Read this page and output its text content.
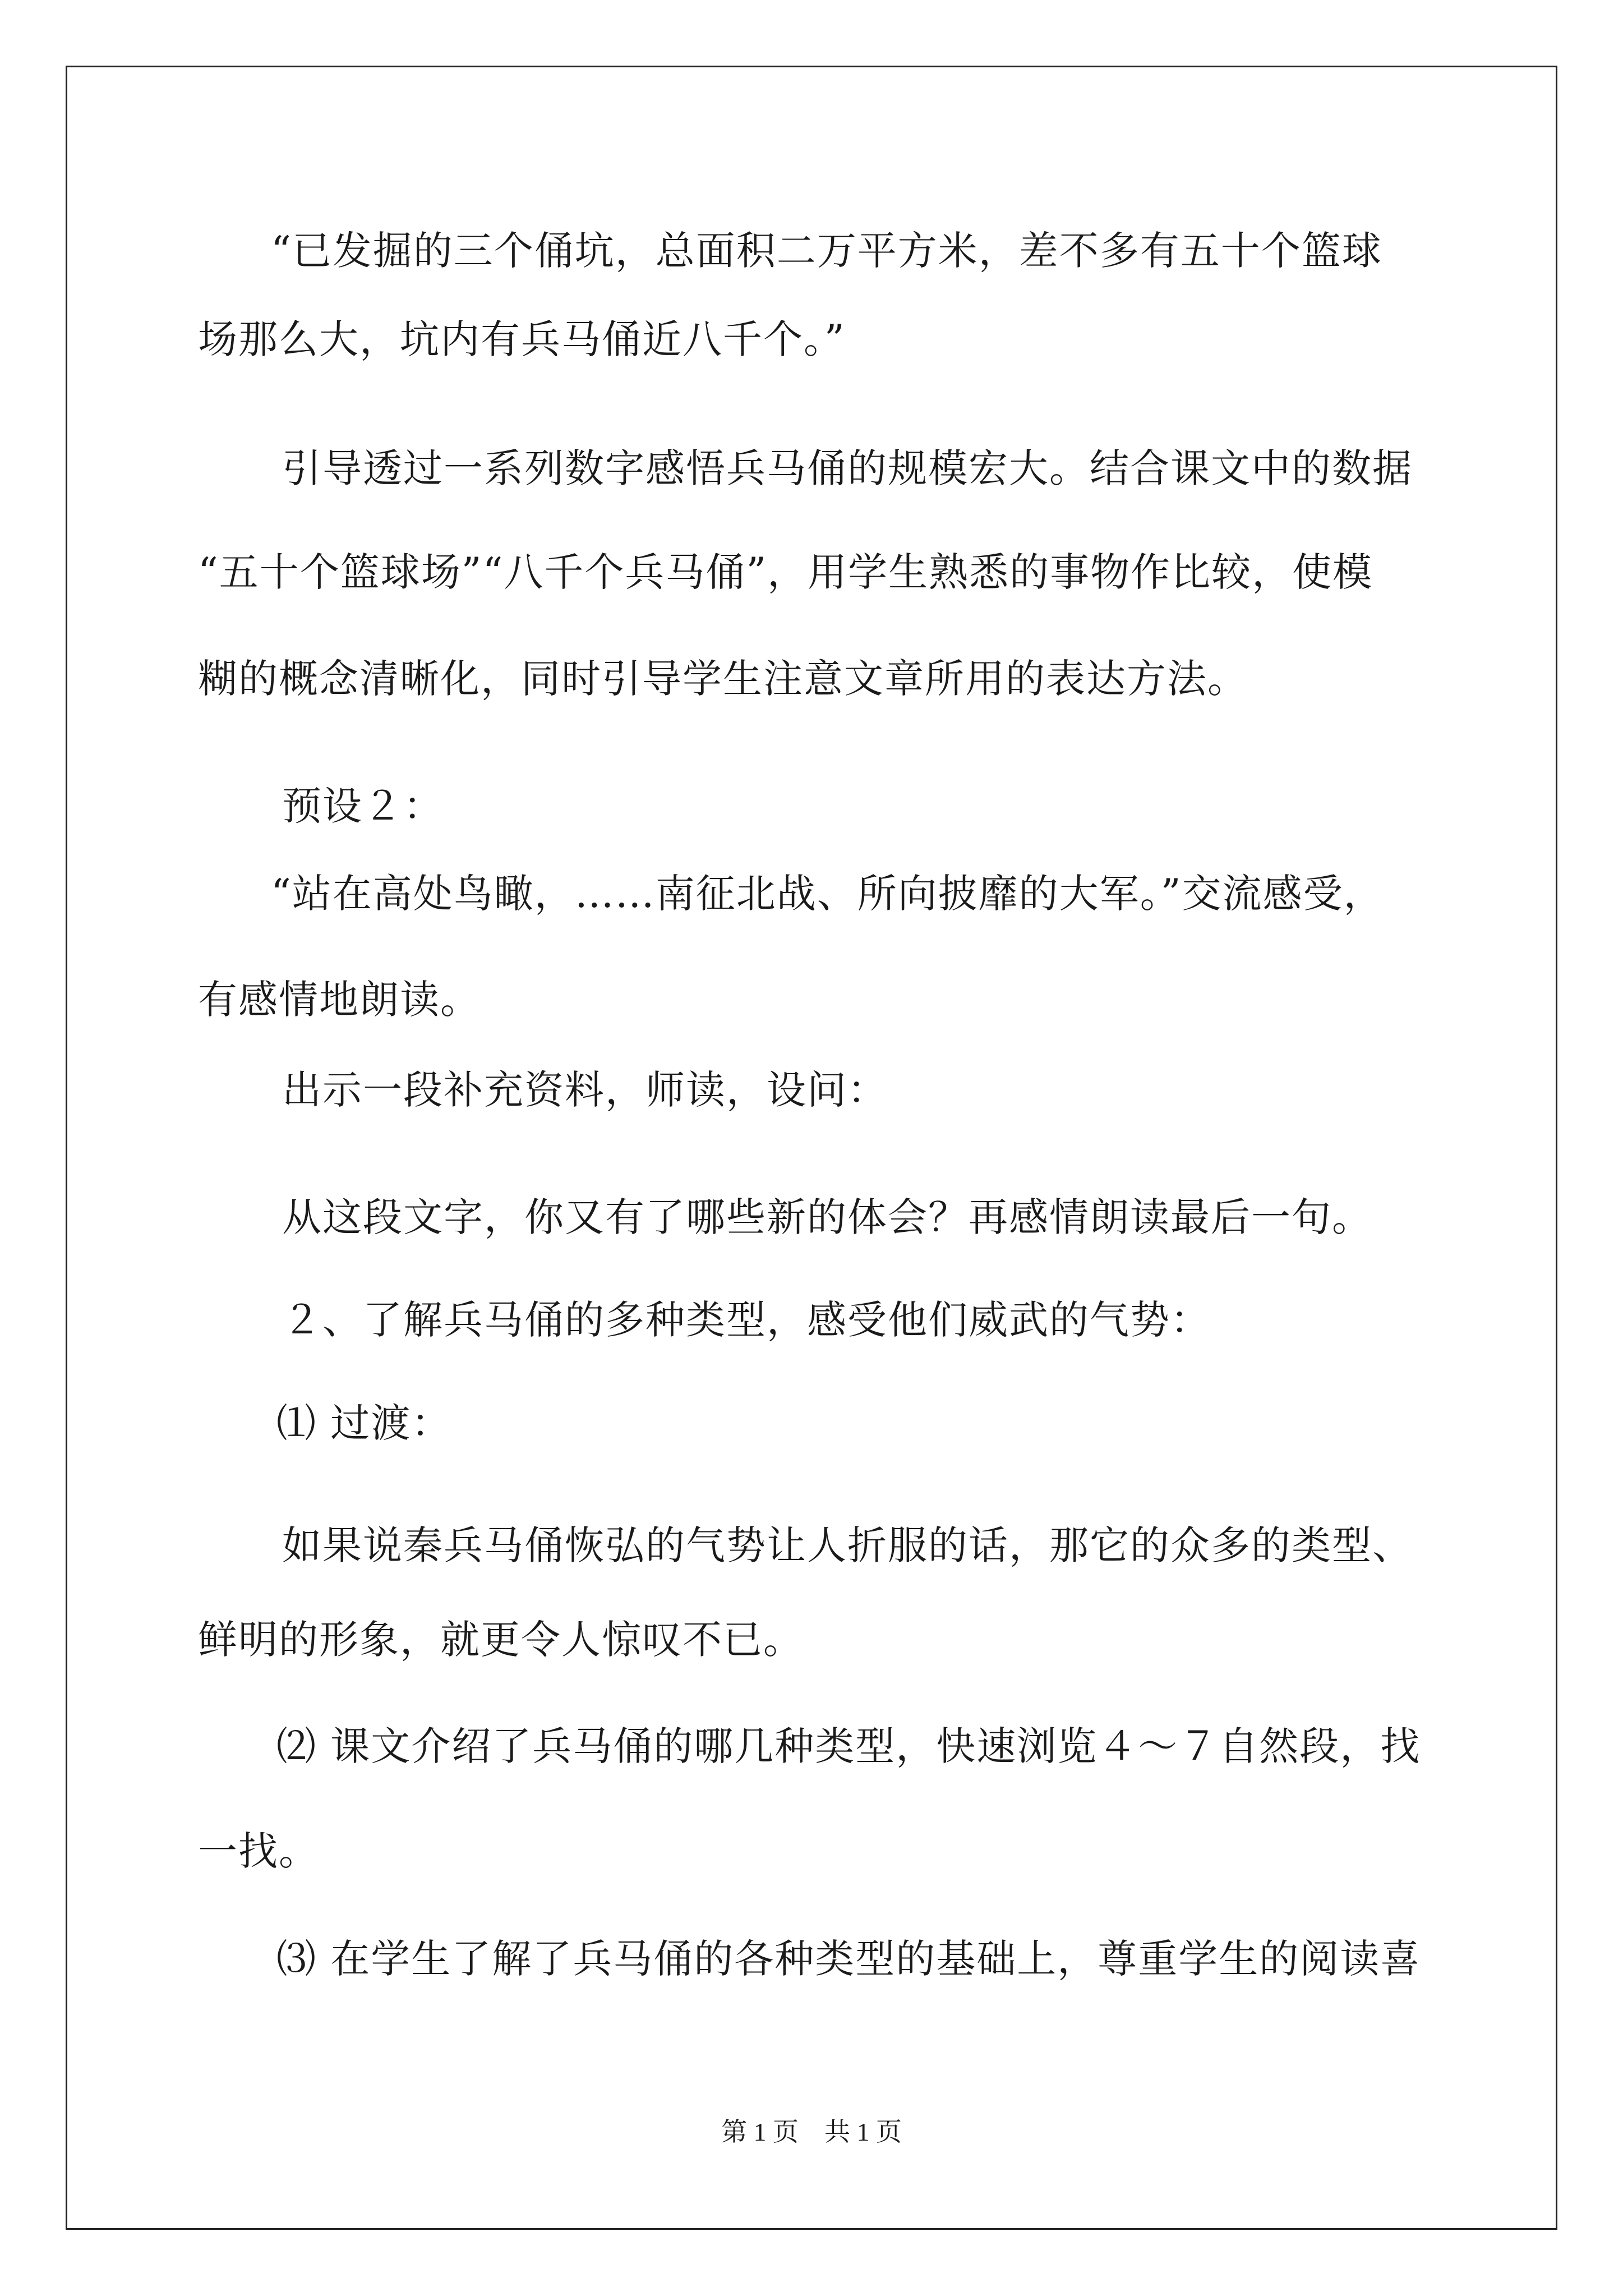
“已发掘的三个俑坑，总面积二万平方米，差不多有五十个篮球
场那么大，坑内有兵马俑近八千个。”
引导透过一系列数字感悟兵马俑的规模宏大。结合课文中的数据
“五十个篮球场”“八千个兵马俑”，用学生熟悉的事物作比较，使模
糊的概念清晰化，同时引导学生注意文章所用的表达方法。
预设２：
“站在高处鸟瞰，……南征北战、所向披靡的大军。”交流感受，
有感情地朗读。
出示一段补充资料，师读，设问：
从这段文字，你又有了哪些新的体会？再感情朗读最后一句。
２、了解兵马俑的多种类型，感受他们威武的气势：
⑴ 过渡：
如果说秦兵马俑恢弘的气势让人折服的话，那它的众多的类型、
鲜明的形象，就更令人惊叹不已。
⑵ 课文介绍了兵马俑的哪几种类型，快速浏览４～７自然段，找
一找。
⑶ 在学生了解了兵马俑的各种类型的基础上，尊重学生的阅读喜
第 1 页　共 1 页
